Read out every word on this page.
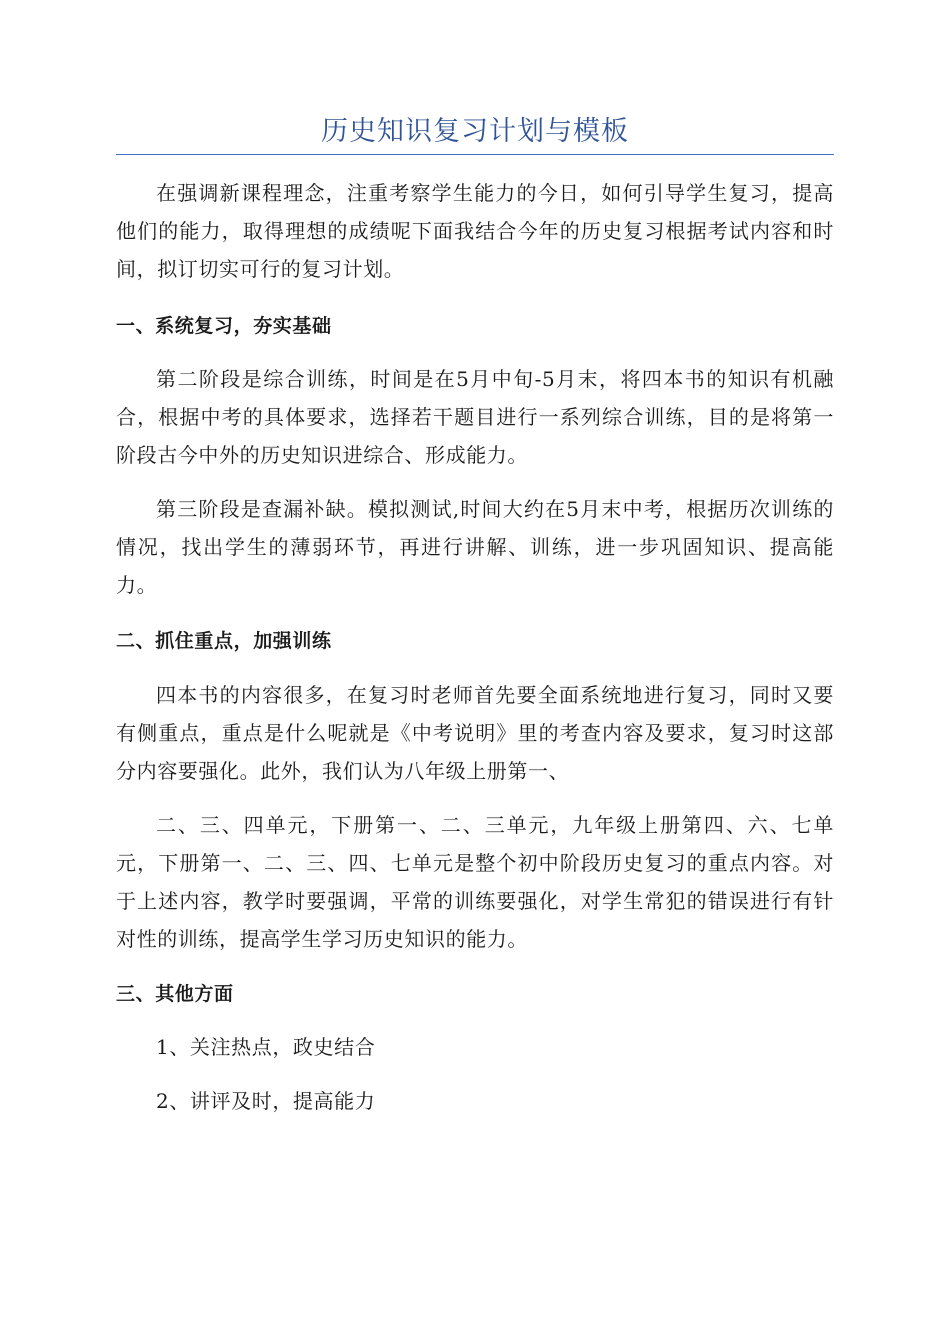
历史知识复习计划与模板

在强调新课程理念，注重考察学生能力的今日，如何引导学生复习，提高他们的能力，取得理想的成绩呢下面我结合今年的历史复习根据考试内容和时间，拟订切实可行的复习计划。

一、系统复习，夯实基础

第二阶段是综合训练，时间是在5月中旬-5月末，将四本书的知识有机融合，根据中考的具体要求，选择若干题目进行一系列综合训练，目的是将第一阶段古今中外的历史知识进综合、形成能力。

第三阶段是查漏补缺。模拟测试,时间大约在5月末中考，根据历次训练的情况，找出学生的薄弱环节，再进行讲解、训练，进一步巩固知识、提高能力。

二、抓住重点，加强训练

四本书的内容很多，在复习时老师首先要全面系统地进行复习，同时又要有侧重点，重点是什么呢就是《中考说明》里的考查内容及要求，复习时这部分内容要强化。此外，我们认为八年级上册第一、

二、三、四单元，下册第一、二、三单元，九年级上册第四、六、七单元，下册第一、二、三、四、七单元是整个初中阶段历史复习的重点内容。对于上述内容，教学时要强调，平常的训练要强化，对学生常犯的错误进行有针对性的训练，提高学生学习历史知识的能力。

三、其他方面

1、关注热点，政史结合

2、讲评及时，提高能力
